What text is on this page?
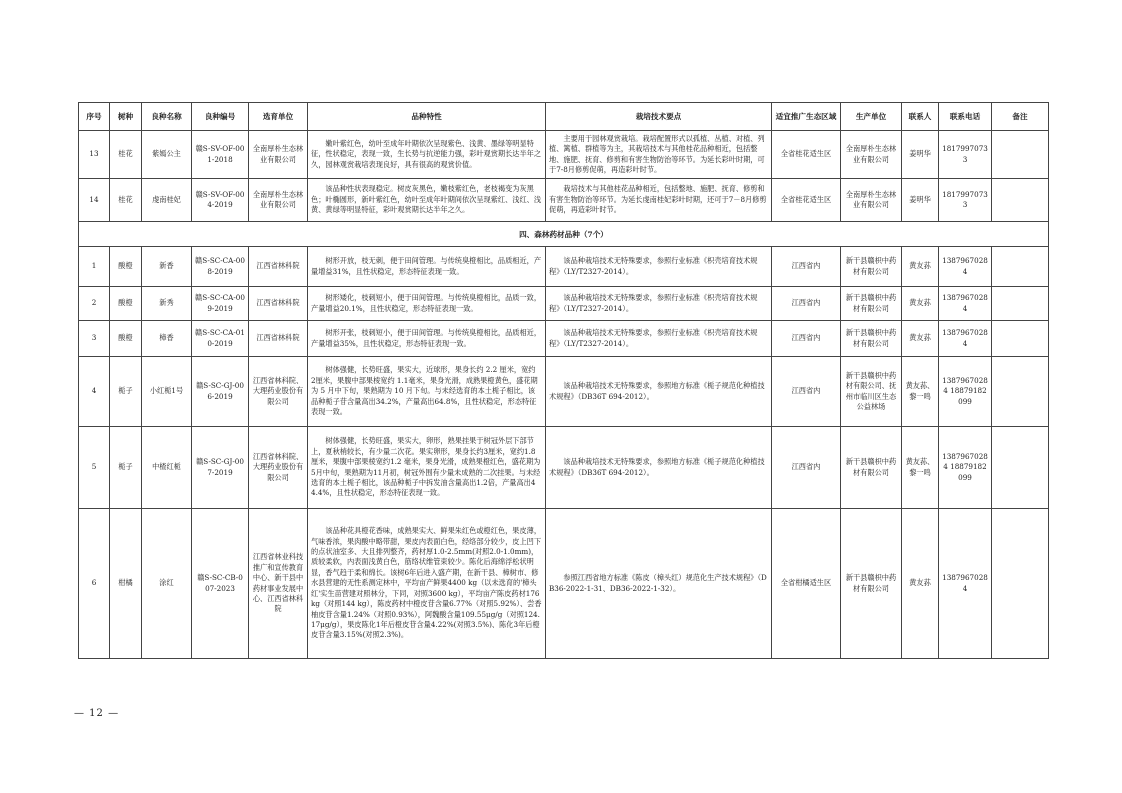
序号	树种	良种名称	良种编号	选育单位	品种特性	栽培技术要点	适宜推广生态区域	生产单位	联系人	联系电话	备注
13	桂花	紫嫣公主	赣S-SV-OF-001-2018	全南厚朴生态林业有限公司	嫩叶紫红色，幼叶至成年叶期依次呈现紫色、浅黄、墨绿等明显特征，性状稳定，表现一致，生长势与抗逆能力强，彩叶观赏期长达半年之久，园林观赏栽培表现良好，具有很高的观赏价值。	主要用于园林观赏栽培。栽培配置形式以孤植、丛植、对植、列植、篱植、群植等为主，其栽培技术与其他桂花品种相近，包括整地、施肥、抚育、修剪和有害生物防治等环节。为延长彩叶时期，可于7-8月修剪促萌，再造彩叶时节。	全省桂花适生区	全南厚朴生态林业有限公司	姜明华	18179970733	
14	桂花	虔南桂妃	赣S-SV-OF-004-2019	全南厚朴生态林业有限公司	该品种性状表现稳定。树皮灰黑色，嫩枝紫红色，老枝褐变为灰黑色；叶椭圆形，新叶紫红色，幼叶至成年叶期间依次呈现紫红、浅红、浅黄、黄绿等明显特征，彩叶观赏期长达半年之久。	栽培技术与其他桂花品种相近，包括整地、施肥、抚育、修剪和有害生物防治等环节。为延长虔南桂妃彩叶时期，还可于7－8月修剪促萌，再造彩叶时节。	全省桂花适生区	全南厚朴生态林业有限公司	姜明华	18179970733	
四、森林药材品种（7个）											
1	酸橙	新香	赣S-SC-CA-008-2019	江西省林科院	树形开放，枝无刺，便于田间管理。与传统臭橙相比，品质相近，产量增益31%，且性状稳定，形态特征表现一致。	该品种栽培技术无特殊要求，参照行业标准《枳壳培育技术规程》（LY/T2327-2014）。	江西省内	新干县赣枳中药材有限公司	黄友荪	13879670284	
2	酸橙	新秀	赣S-SC-CA-009-2019	江西省林科院	树形矮化，枝刺短小，便于田间管理。与传统臭橙相比，品质一致，产量增益20.1%，且性状稳定，形态特征表现一致。	该品种栽培技术无特殊要求，参照行业标准《枳壳培育技术规程》（LY/T2327-2014）。	江西省内	新干县赣枳中药材有限公司	黄友荪	13879670284	
3	酸橙	樟香	赣S-SC-CA-010-2019	江西省林科院	树形开张，枝刺短小，便于田间管理。与传统臭橙相比，品质相近，产量增益35%，且性状稳定，形态特征表现一致。	该品种栽培技术无特殊要求，参照行业标准《枳壳培育技术规程》（LY/T2327-2014）。	江西省内	新干县赣枳中药材有限公司	黄友荪	13879670284	
4	栀子	小红栀1号	赣S-SC-GJ-006-2019	江西省林科院、大理药业股份有限公司	树体强健，长势旺盛，果实大，近球形，果身长约 2.2 厘米，宽约 2厘米，果腹中部果棱宽约 1.1毫米，果身光滑，成熟果橙黄色，盛花期为 5 月中下旬，果熟期为 10 月下旬。与未经选育的本土栀子相比，该品种栀子苷含量高出34.2%，产量高出64.8%，且性状稳定，形态特征表现一致。	该品种栽培技术无特殊要求，参照地方标准《栀子规范化种植技术规程》（DB36T 694-2012）。	江西省内	新干县赣枳中药材有限公司、抚州市临川区生态公益林场	黄友荪、黎一鸣	13879670284 18879182099	
5	栀子	中楂红栀	赣S-SC-GJ-007-2019	江西省林科院、大理药业股份有限公司	树体强健，长势旺盛，果实大，卵形，熟果挂果于树冠外层下部节上，夏秋梢较长，有少量二次花。果实卵形，果身长约3厘米，宽约1.8 厘米，果腹中部果棱宽约1.2 毫米，果身光滑，成熟果橙红色，盛花期为5月中旬，果熟期为11月初，树冠外围有少量未成熟的二次挂果。与未经选育的本土栀子相比，该品种栀子中拆发油含量高出1.2倍，产量高出44.4%，且性状稳定，形态特征表现一致。	该品种栽培技术无特殊要求，参照地方标准《栀子规范化种植技术规程》（DB36T 694-2012）。	江西省内	新干县赣枳中药材有限公司	黄友荪、黎一鸣	13879670284 18879182099	
6	柑橘	涂红	赣S-SC-CB-007-2023	江西省林业科技推广和宣传教育中心、新干县中药材事业发展中心、江西省林科院	该品种花具橙花香味，成熟果实大、鲜果朱红色或橙红色，果皮薄，气味香浓，果肉酸中略带甜，果皮内表面白色，经络部分较少，皮上凹下的点状油室多、大且排列整齐，药材厚1.0-2.5mm(对照2.0-1.0mm)，质较柔软，内表面浅黄白色，筋络状维管束较少。陈化后海绵浮松状明显，香气趋于柔和绵长。该树6年后进入盛产期，在新干县、樟树市、修水县营建的无性系测定林中，平均亩产鲜果4400 kg（以未选育的'樟头红'实生苗营建对照林分，下同，对照3600 kg），平均亩产陈皮药材176kg（对照144 kg），陈皮药材中橙皮苷含量6.77%（对照5.92%）、尝香柚皮苷含量1.24%（对照0.93%），阿魏酸含量109.55μg/g（对照124.17μg/g），果皮陈化1年后橙皮苷含量4.22%(对照3.5%)、陈化3年后橙皮苷含量3.15%(对照2.3%)。	参照江西省地方标准《陈皮（樟头红）规范化生产技术规程》（DB36-2022-1-31、DB36-2022-1-32）。	全省柑橘适生区	新干县赣枳中药材有限公司	黄友荪	13879670284	
— 12 —
